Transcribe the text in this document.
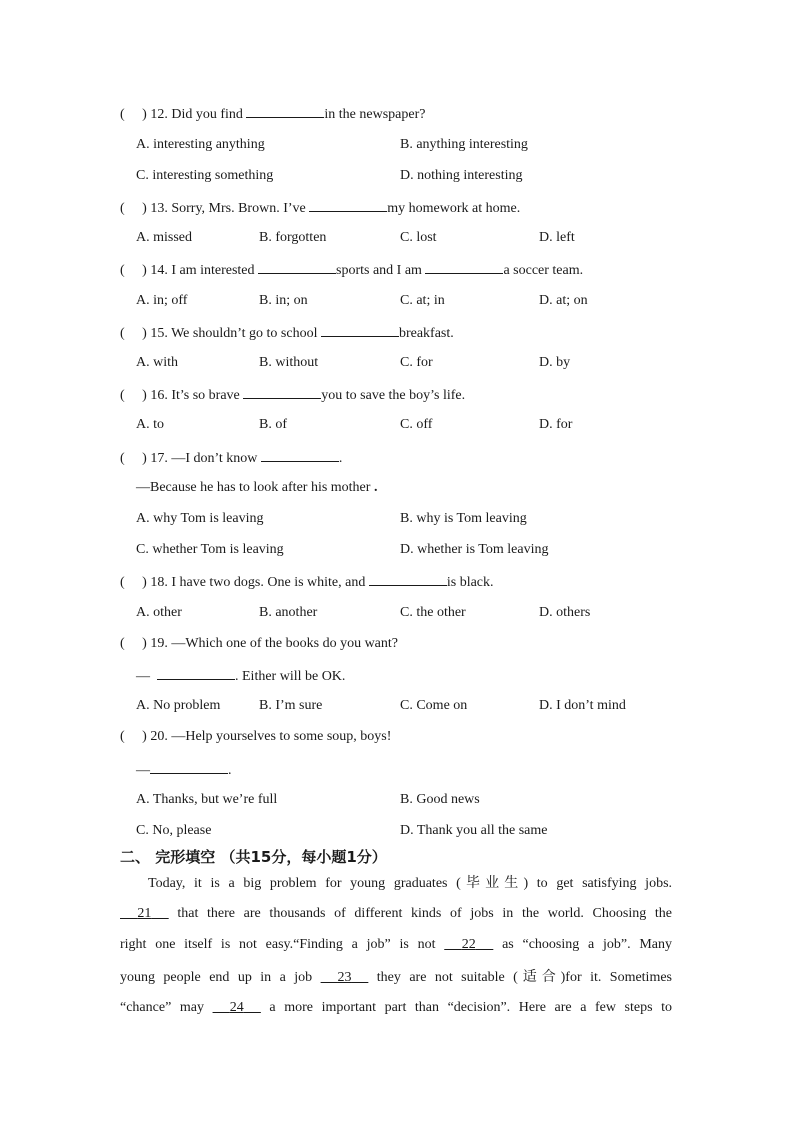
(     ) 12. Did you find	in the newspaper?
A. interesting anything	B. anything interesting
C. interesting something	D. nothing interesting
(     ) 13. Sorry, Mrs. Brown. I’ve	my homework at home.
A. missed	B. forgotten	C. lost	D. left
(     ) 14. I am interested	sports and I am	a soccer team.
A. in; off	B. in; on	C. at; in	D. at; on
(     ) 15. We shouldn’t go to school	breakfast.
A. with	B. without	C. for	D. by
(     ) 16. It’s so brave	you to save the boy’s life.
A. to	B. of	C. off	D. for
(     ) 17. —I don’t know	.
—Because he has to look after his mother .
A. why Tom is leaving	B. why is Tom leaving
C. whether Tom is leaving	D. whether is Tom leaving
(     ) 18. I have two dogs. One is white, and	is black.
A. other	B. another	C. the other	D. others
(     ) 19. —Which one of the books do you want?
—	. Either will be OK.
A. No problem	B. I’m sure	C. Come on	D. I don’t mind
(     ) 20. —Help yourselves to some soup, boys!
—	.
A. Thanks, but we’re full	B. Good news
C. No, please	D. Thank you all the same
二、 完形填空 （共15分，每小题1分）
Today, it is a big problem for young graduates (毕业生) to get satisfying jobs.
21   that there are thousands of different kinds of jobs in the world. Choosing the
right one itself is not easy.“Finding a job” is not   22   as “choosing a job”. Many
young people end up in a job   23   they are not suitable (适合)for it. Sometimes
“chance” may   24   a more important part than “decision”. Here are a few steps to
